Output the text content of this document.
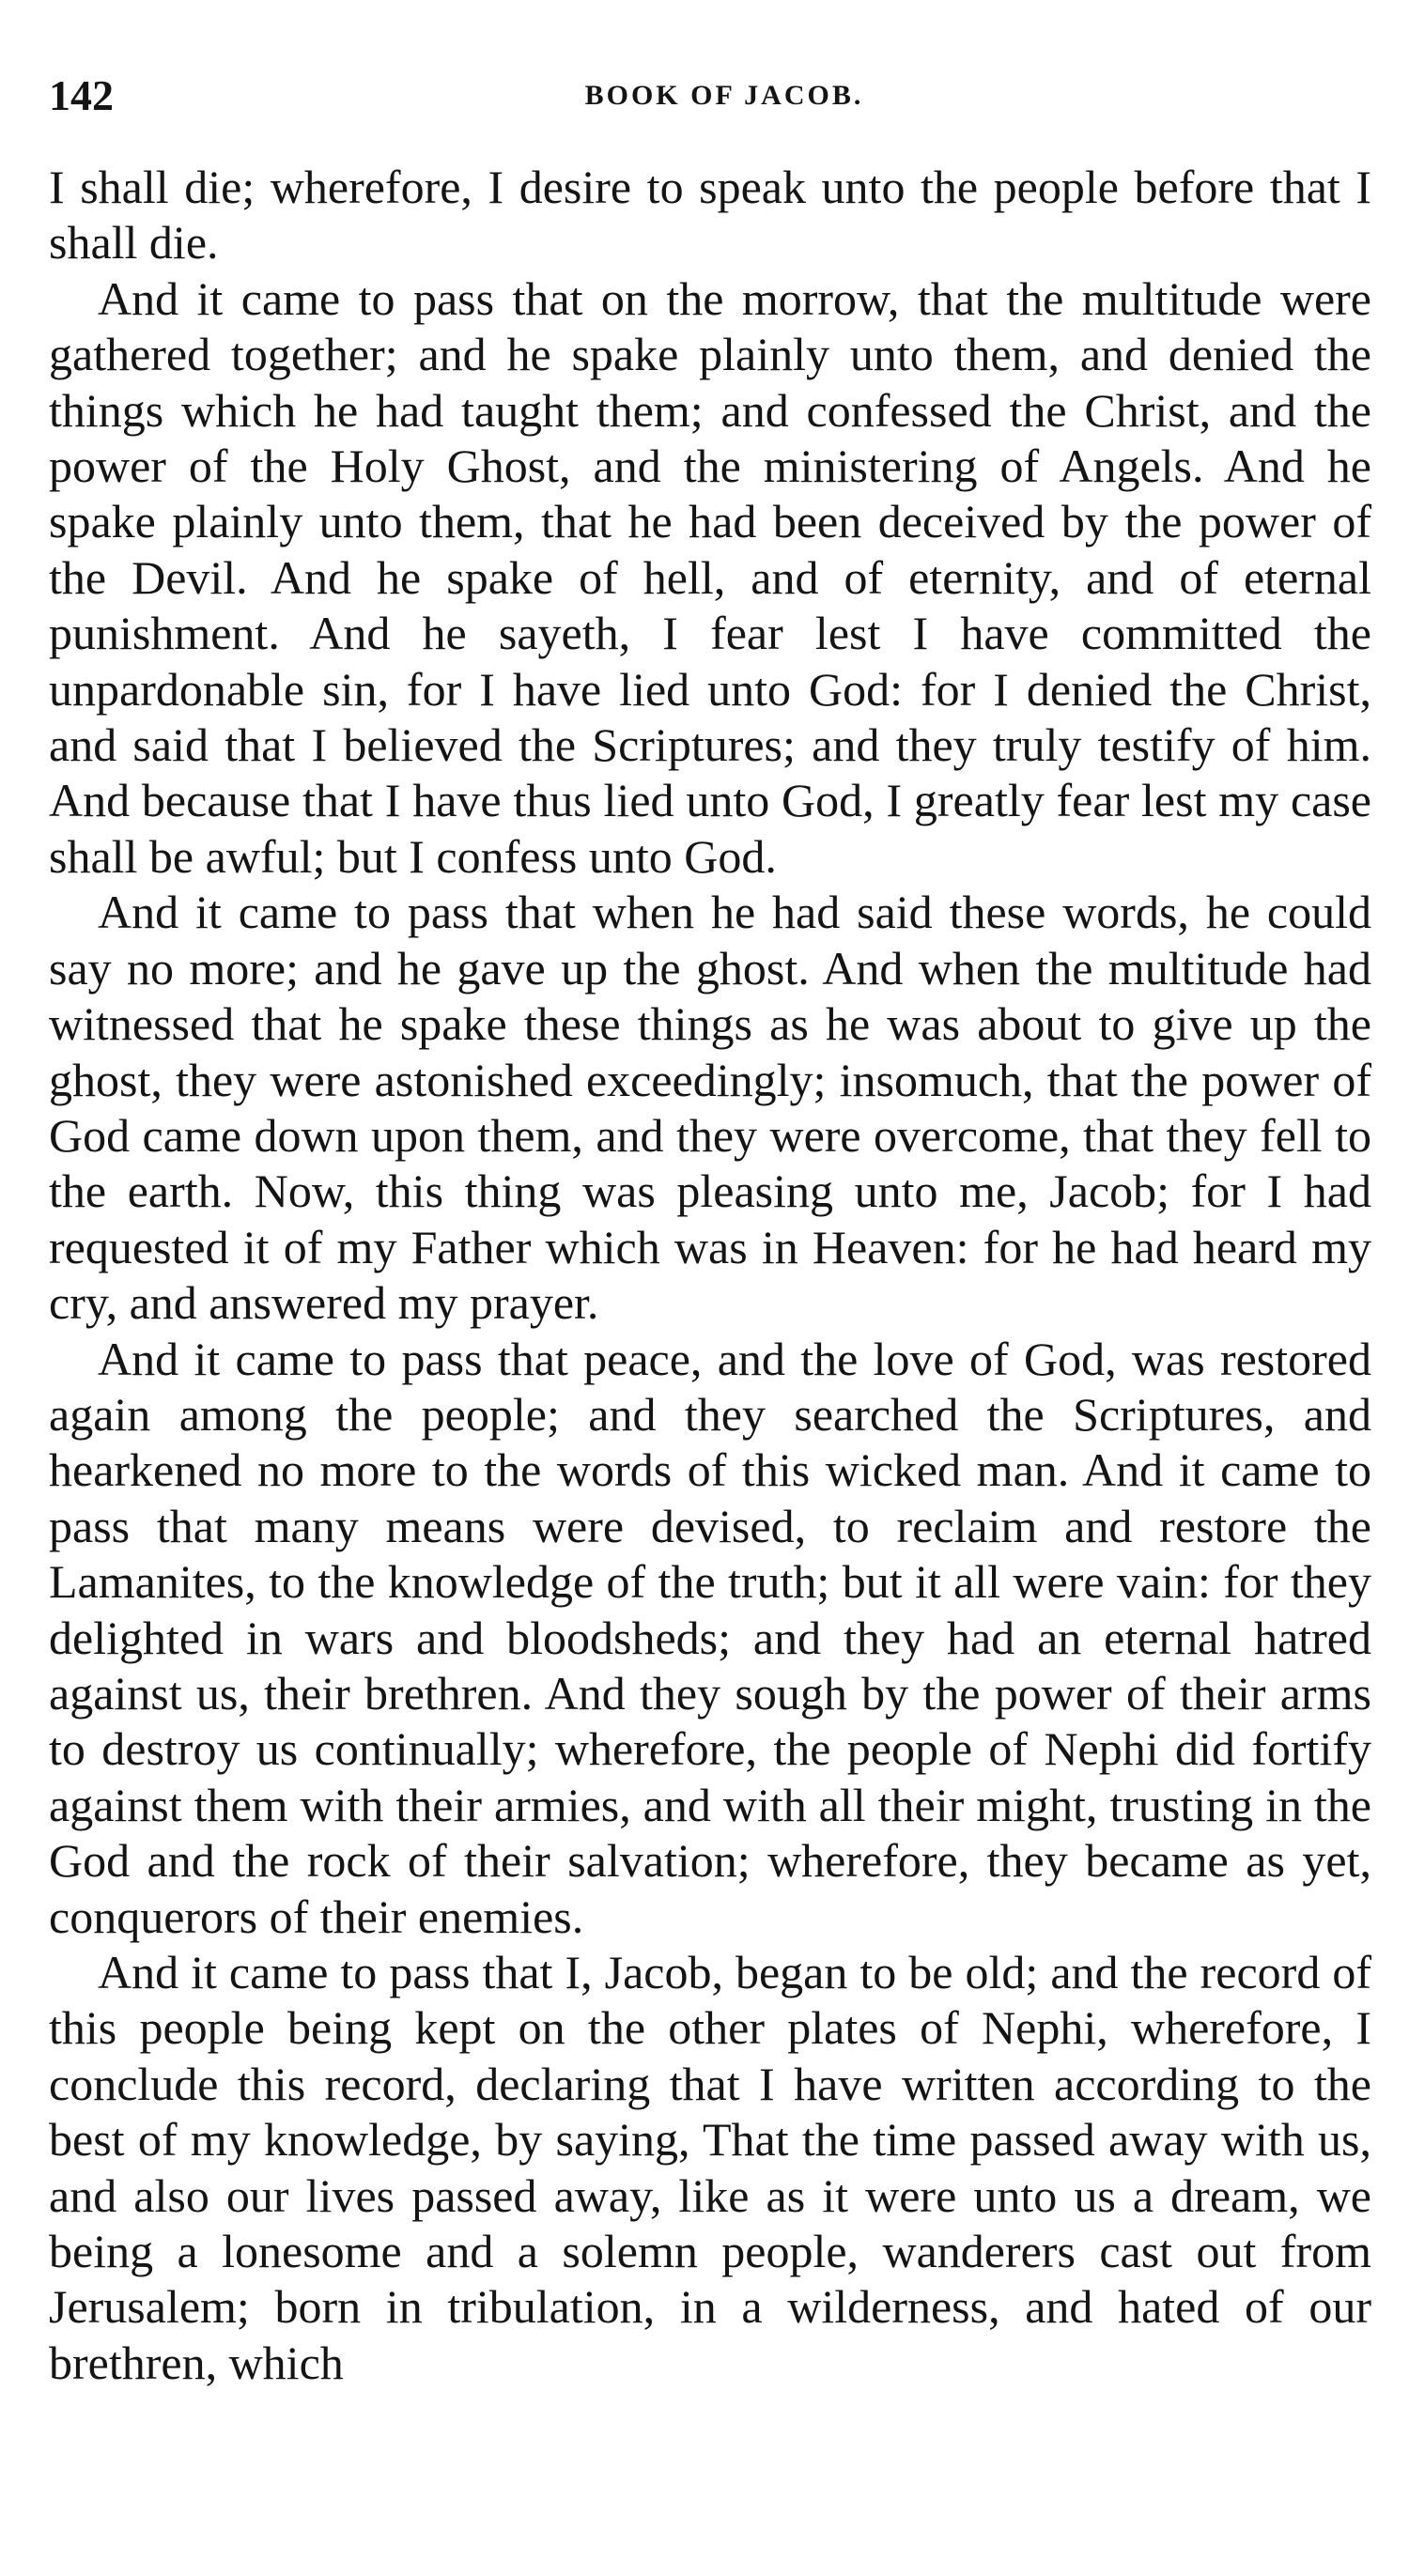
142	BOOK OF JACOB.

I shall die; wherefore, I desire to speak unto the people before that I shall die.

And it came to pass that on the morrow, that the multitude were gathered together; and he spake plainly unto them, and denied the things which he had taught them; and confessed the Christ, and the power of the Holy Ghost, and the ministering of Angels. And he spake plainly unto them, that he had been deceived by the power of the Devil. And he spake of hell, and of eternity, and of eternal punishment. And he sayeth, I fear lest I have committed the unpardonable sin, for I have lied unto God: for I denied the Christ, and said that I believed the Scriptures; and they truly testify of him. And because that I have thus lied unto God, I greatly fear lest my case shall be awful; but I confess unto God.

And it came to pass that when he had said these words, he could say no more; and he gave up the ghost. And when the multitude had witnessed that he spake these things as he was about to give up the ghost, they were astonished exceedingly; insomuch, that the power of God came down upon them, and they were overcome, that they fell to the earth. Now, this thing was pleasing unto me, Jacob; for I had requested it of my Father which was in Heaven: for he had heard my cry, and answered my prayer.

And it came to pass that peace, and the love of God, was restored again among the people; and they searched the Scriptures, and hearkened no more to the words of this wicked man. And it came to pass that many means were devised, to reclaim and restore the Lamanites, to the knowledge of the truth; but it all were vain: for they delighted in wars and bloodsheds; and they had an eternal hatred against us, their brethren. And they sough by the power of their arms to destroy us continually; wherefore, the people of Nephi did fortify against them with their armies, and with all their might, trusting in the God and the rock of their salvation; wherefore, they became as yet, conquerors of their enemies.

And it came to pass that I, Jacob, began to be old; and the record of this people being kept on the other plates of Nephi, wherefore, I conclude this record, declaring that I have written according to the best of my knowledge, by saying, That the time passed away with us, and also our lives passed away, like as it were unto us a dream, we being a lonesome and a solemn people, wanderers cast out from Jerusalem; born in tribulation, in a wilderness, and hated of our brethren, which
